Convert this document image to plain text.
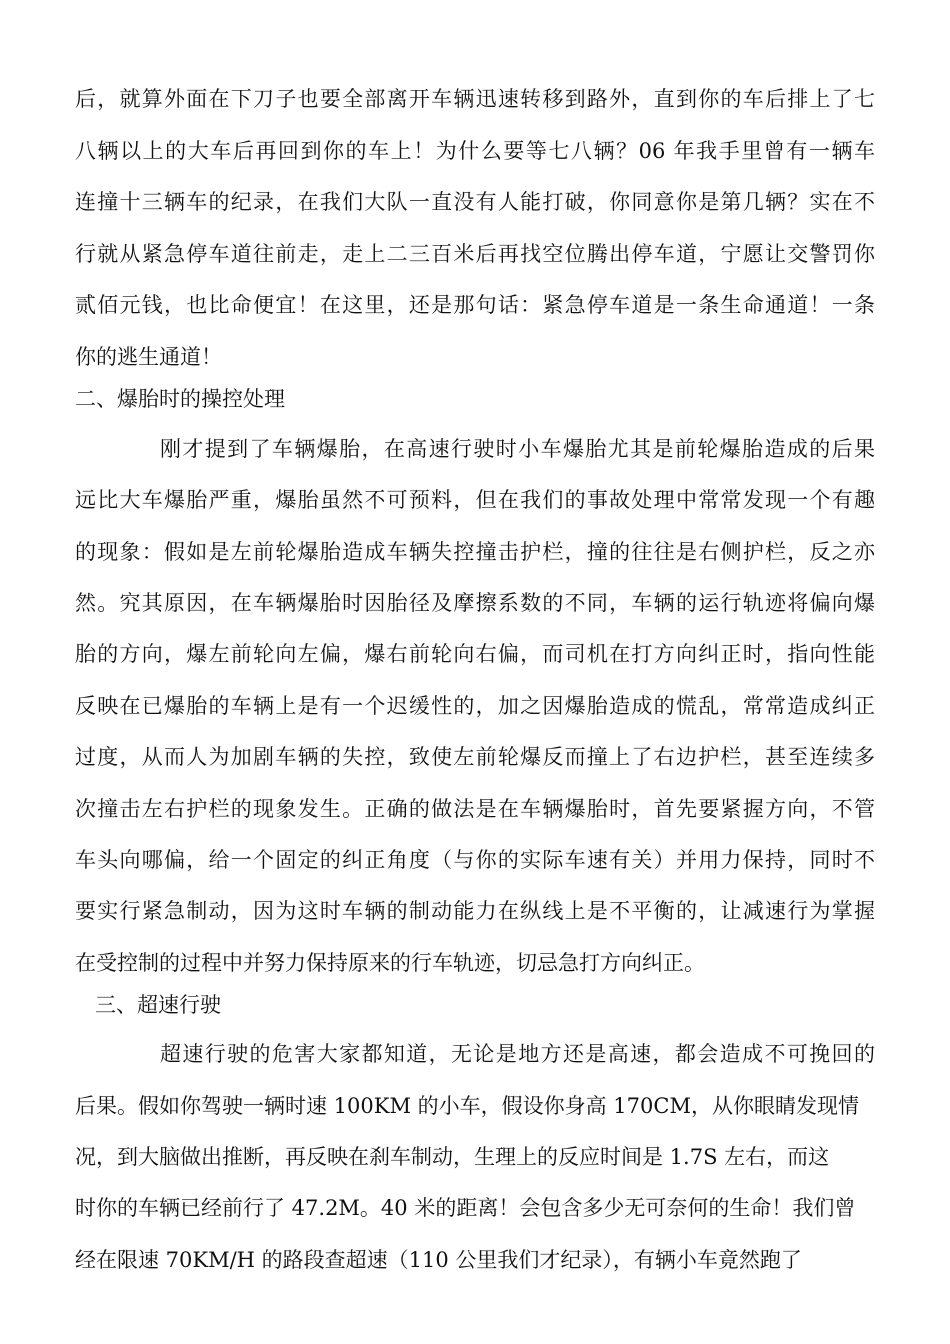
后，就算外面在下刀子也要全部离开车辆迅速转移到路外，直到你的车后排上了七
八辆以上的大车后再回到你的车上！为什么要等七八辆？06 年我手里曾有一辆车
连撞十三辆车的纪录，在我们大队一直没有人能打破，你同意你是第几辆？实在不
行就从紧急停车道往前走，走上二三百米后再找空位腾出停车道，宁愿让交警罚你
贰佰元钱，也比命便宜！在这里，还是那句话：紧急停车道是一条生命通道！一条
你的逃生通道！
二、爆胎时的操控处理
刚才提到了车辆爆胎，在高速行驶时小车爆胎尤其是前轮爆胎造成的后果
远比大车爆胎严重，爆胎虽然不可预料，但在我们的事故处理中常常发现一个有趣
的现象：假如是左前轮爆胎造成车辆失控撞击护栏，撞的往往是右侧护栏，反之亦
然。究其原因，在车辆爆胎时因胎径及摩擦系数的不同，车辆的运行轨迹将偏向爆
胎的方向，爆左前轮向左偏，爆右前轮向右偏，而司机在打方向纠正时，指向性能
反映在已爆胎的车辆上是有一个迟缓性的，加之因爆胎造成的慌乱，常常造成纠正
过度，从而人为加剧车辆的失控，致使左前轮爆反而撞上了右边护栏，甚至连续多
次撞击左右护栏的现象发生。正确的做法是在车辆爆胎时，首先要紧握方向，不管
车头向哪偏，给一个固定的纠正角度（与你的实际车速有关）并用力保持，同时不
要实行紧急制动，因为这时车辆的制动能力在纵线上是不平衡的，让减速行为掌握
在受控制的过程中并努力保持原来的行车轨迹，切忌急打方向纠正。
三、超速行驶
超速行驶的危害大家都知道，无论是地方还是高速，都会造成不可挽回的
后果。假如你驾驶一辆时速 100KM 的小车，假设你身高 170CM，从你眼睛发现情
况，到大脑做出推断，再反映在刹车制动，生理上的反应时间是 1.7S 左右，而这
时你的车辆已经前行了 47.2M。40 米的距离！会包含多少无可奈何的生命！我们曾
经在限速 70KM/H 的路段查超速（110 公里我们才纪录），有辆小车竟然跑了
